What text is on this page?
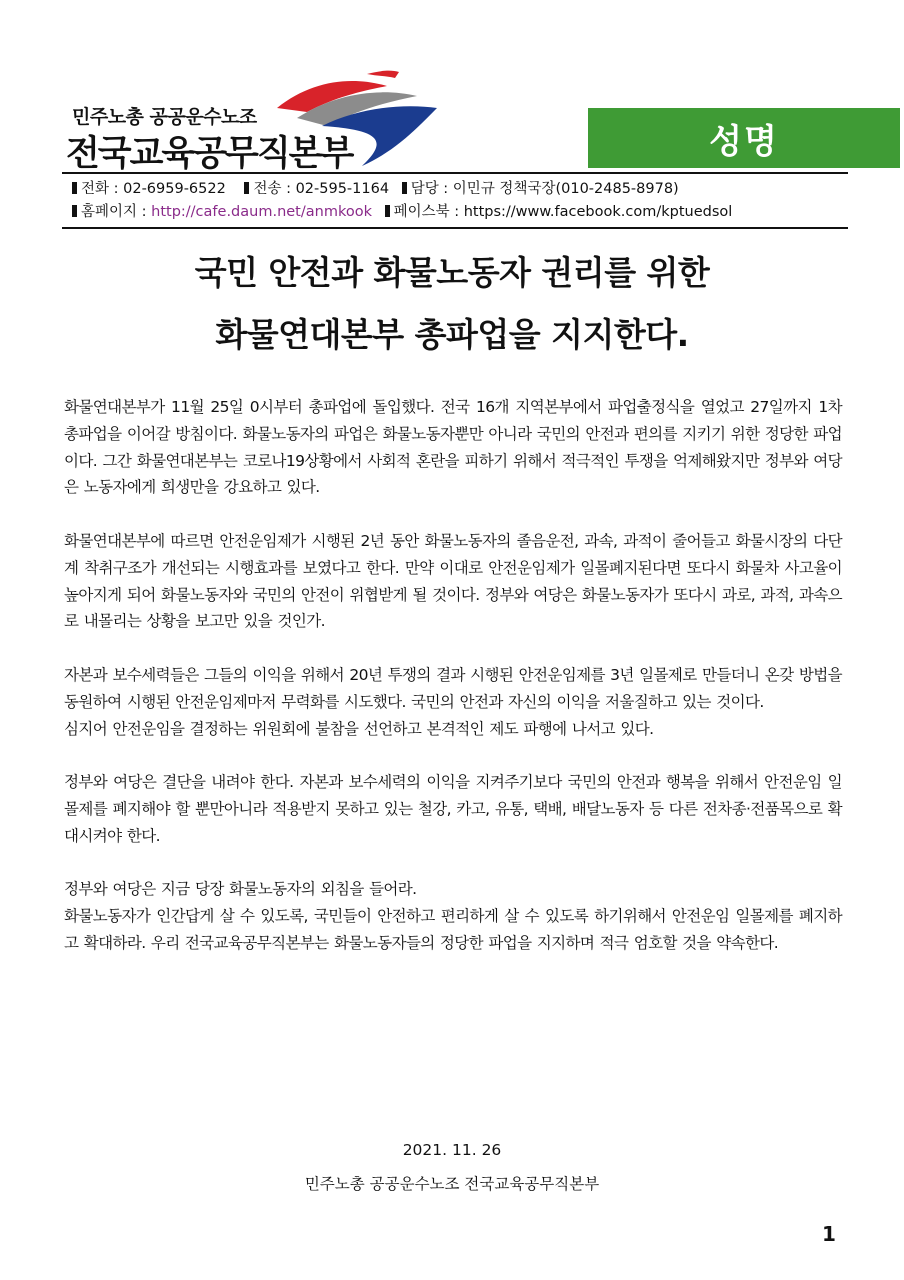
민주노총 공공운수노조
전국교육공무직본부	성명
전화 : 02-6959-6522 전송 : 02-595-1164 담당 : 이민규 정책국장(010-2485-8978)
홈페이지 : http://cafe.daum.net/anmkook 페이스북 : https://www.facebook.com/kptuedsol
국민 안전과 화물노동자 권리를 위한
화물연대본부 총파업을 지지한다.

화물연대본부가 11월 25일 0시부터 총파업에 돌입했다. 전국 16개 지역본부에서 파업출정식을 열었고 27일까지 1차 총파업을 이어갈 방침이다. 화물노동자의 파업은 화물노동자뿐만 아니라 국민의 안전과 편의를 지키기 위한 정당한 파업이다. 그간 화물연대본부는 코로나19상황에서 사회적 혼란을 피하기 위해서 적극적인 투쟁을 억제해왔지만 정부와 여당은 노동자에게 희생만을 강요하고 있다.

화물연대본부에 따르면 안전운임제가 시행된 2년 동안 화물노동자의 졸음운전, 과속, 과적이 줄어들고 화물시장의 다단계 착취구조가 개선되는 시행효과를 보였다고 한다. 만약 이대로 안전운임제가 일몰폐지된다면 또다시 화물차 사고율이 높아지게 되어 화물노동자와 국민의 안전이 위협받게 될 것이다. 정부와 여당은 화물노동자가 또다시 과로, 과적, 과속으로 내몰리는 상황을 보고만 있을 것인가.

자본과 보수세력들은 그들의 이익을 위해서 20년 투쟁의 결과 시행된 안전운임제를 3년 일몰제로 만들더니 온갖 방법을 동원하여 시행된 안전운임제마저 무력화를 시도했다. 국민의 안전과 자신의 이익을 저울질하고 있는 것이다.

심지어 안전운임을 결정하는 위원회에 불참을 선언하고 본격적인 제도 파행에 나서고 있다.

정부와 여당은 결단을 내려야 한다. 자본과 보수세력의 이익을 지켜주기보다 국민의 안전과 행복을 위해서 안전운임 일몰제를 폐지해야 할 뿐만아니라 적용받지 못하고 있는 철강, 카고, 유통, 택배, 배달노동자 등 다른 전차종·전품목으로 확대시켜야 한다.

정부와 여당은 지금 당장 화물노동자의 외침을 들어라.

화물노동자가 인간답게 살 수 있도록, 국민들이 안전하고 편리하게 살 수 있도록 하기위해서 안전운임 일몰제를 폐지하고 확대하라. 우리 전국교육공무직본부는 화물노동자들의 정당한 파업을 지지하며 적극 엄호할 것을 약속한다.

2021. 11. 26
민주노총 공공운수노조 전국교육공무직본부
1
